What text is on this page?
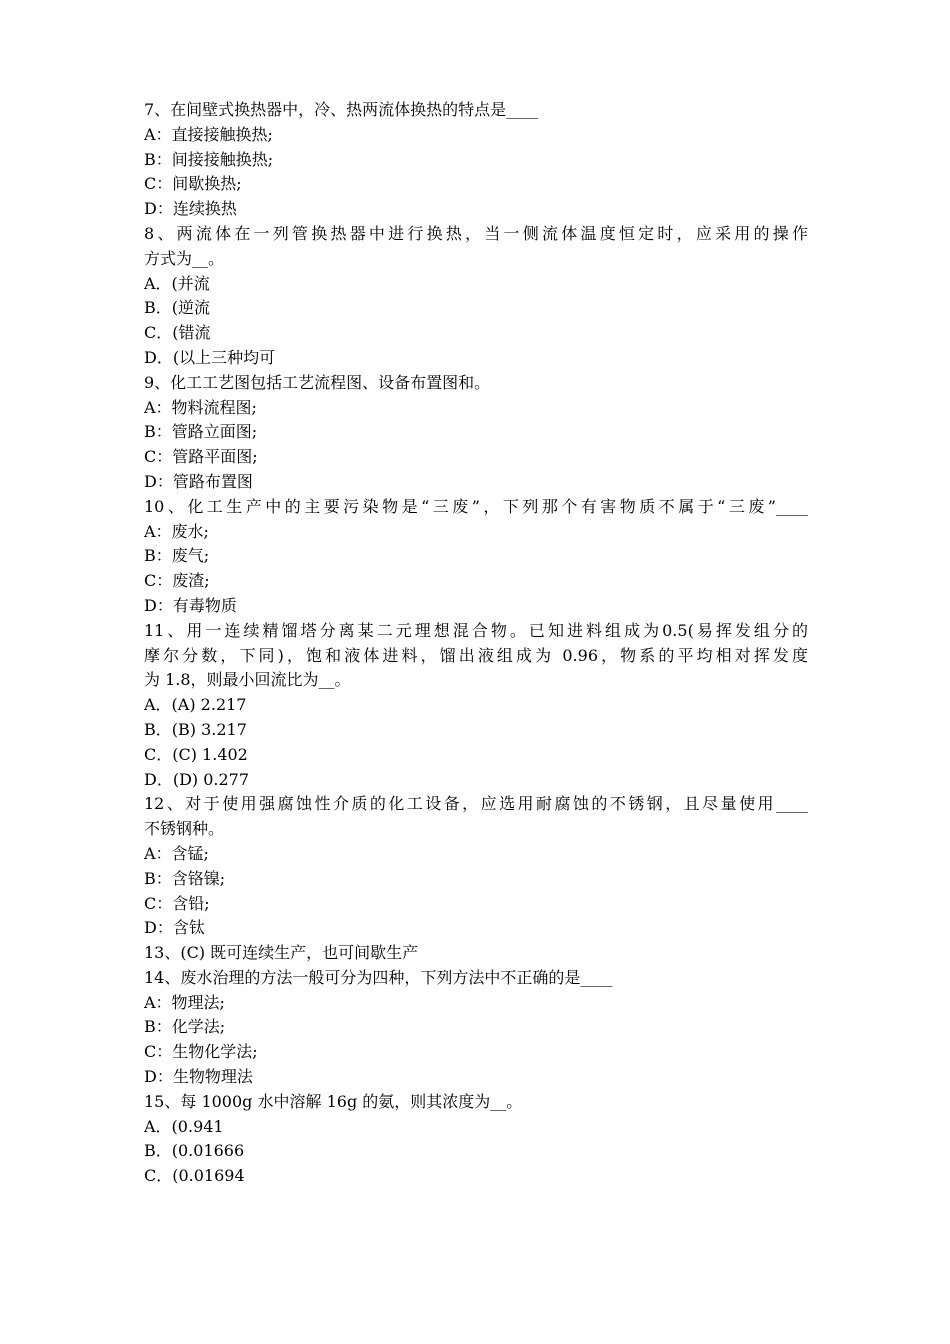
7、在间壁式换热器中，冷、热两流体换热的特点是____
A：直接接触换热;
B：间接接触换热;
C：间歇换热;
D：连续换热
8、两流体在一列管换热器中进行换热，当一侧流体温度恒定时，应采用的操作
方式为__。
A．(并流
B．(逆流
C．(错流
D．(以上三种均可
9、化工工艺图包括工艺流程图、设备布置图和。
A：物料流程图;
B：管路立面图;
C：管路平面图;
D：管路布置图
10、化工生产中的主要污染物是“三废”，下列那个有害物质不属于“三废”____
A：废水;
B：废气;
C：废渣;
D：有毒物质
11、用一连续精馏塔分离某二元理想混合物。已知进料组成为0.5(易挥发组分的
摩尔分数，下同)，饱和液体进料，馏出液组成为 0.96，物系的平均相对挥发度
为 1.8，则最小回流比为__。
A．(A) 2.217
B．(B) 3.217
C．(C) 1.402
D．(D) 0.277
12、对于使用强腐蚀性介质的化工设备，应选用耐腐蚀的不锈钢，且尽量使用____
不锈钢种。
A：含锰;
B：含铬镍;
C：含铅;
D：含钛
13、(C) 既可连续生产，也可间歇生产
14、废水治理的方法一般可分为四种，下列方法中不正确的是____
A：物理法;
B：化学法;
C：生物化学法;
D：生物物理法
15、每 1000g 水中溶解 16g 的氨，则其浓度为__。
A．(0.941
B．(0.01666
C．(0.01694
